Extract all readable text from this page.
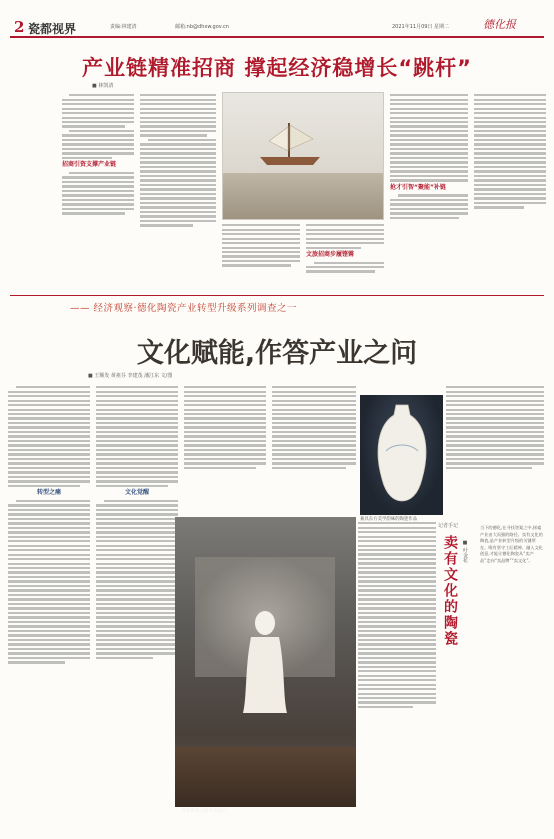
2 瓷都视界	责编:林建清	邮箱:nb@dhxw.gov.cn	2021年11月09日 星期二	德化报
产业链精准招商 撑起经济稳增长“跳杆”
■ 林凯清
招商引资支撑产业链
文旅招商步履铿锵
抢才引智“聚能”补链
—— 经济观察·德化陶瓷产业转型升级系列调查之一
文化赋能,作答产业之问
■ 王顺发 黄祖芬 李建茂 潘江东 文/图
转型之痛	文化觉醒
兼具东方美学韵味的陶瓷作品
德化陶瓷文创作品展示
记者手记
卖有文化的陶瓷 ■ 叶金花
当下的德化,在寻找答案之中,探索产业由大而强的路径。卖有文化的陶瓷,是产业转型升级的关键所在。唯有坚守工匠精神、融入文化创意,才能让德化陶瓷从“卖产品”走向“卖品牌”“卖文化”。
